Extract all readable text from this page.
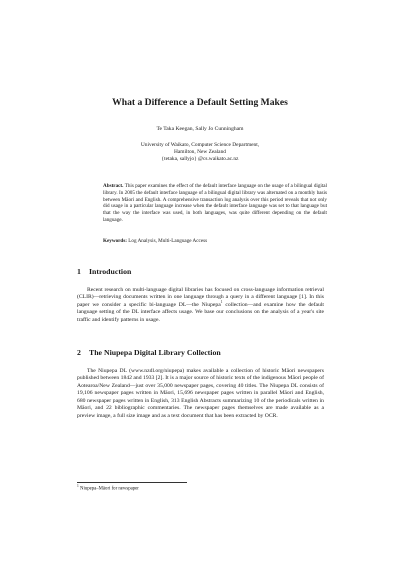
What a Difference a Default Setting Makes
Te Taka Keegan, Sally Jo Cunningham
University of Waikato, Computer Science Department,
Hamilton, New Zealand
{tetaka, sallyjo} @cs.waikato.ac.nz
Abstract. This paper examines the effect of the default interface language on the usage of a bilingual digital library. In 2005 the default interface language of a bilingual digital library was alternated on a monthly basis between Māori and English. A comprehensive transaction log analysis over this period reveals that not only did usage in a particular language increase when the default interface language was set to that language but that the way the interface was used, in both languages, was quite different depending on the default language.
Keywords: Log Analysis, Multi-Language Access
1 Introduction
Recent research on multi-language digital libraries has focused on cross-language information retrieval (CLIR)—retrieving documents written in one language through a query in a different language [1]. In this paper we consider a specific bi-language DL—the Niupepa$^1$ collection—and examine how the default language setting of the DL interface affects usage. We base our conclusions on the analysis of a year's site traffic and identify patterns in usage.
2 The Niupepa Digital Library Collection
The Niupepa DL (www.nzdl.org/niupepa) makes available a collection of historic Māori newspapers published between 1842 and 1933 [2]. It is a major source of historic texts of the indigenous Māori people of Aotearoa/New Zealand—just over 35,000 newspaper pages, covering 40 titles. The Niupepa DL consists of 19,106 newspaper pages written in Māori, 15,696 newspaper pages written in parallel Māori and English, 680 newspaper pages written in English, 313 English Abstracts summarizing 10 of the periodicals written in Māori, and 22 bibliographic commentaries. The newspaper pages themselves are made available as a preview image, a full size image and as a text document that has been extracted by OCR.
$^1$ Niupepa–Māori for newspaper
